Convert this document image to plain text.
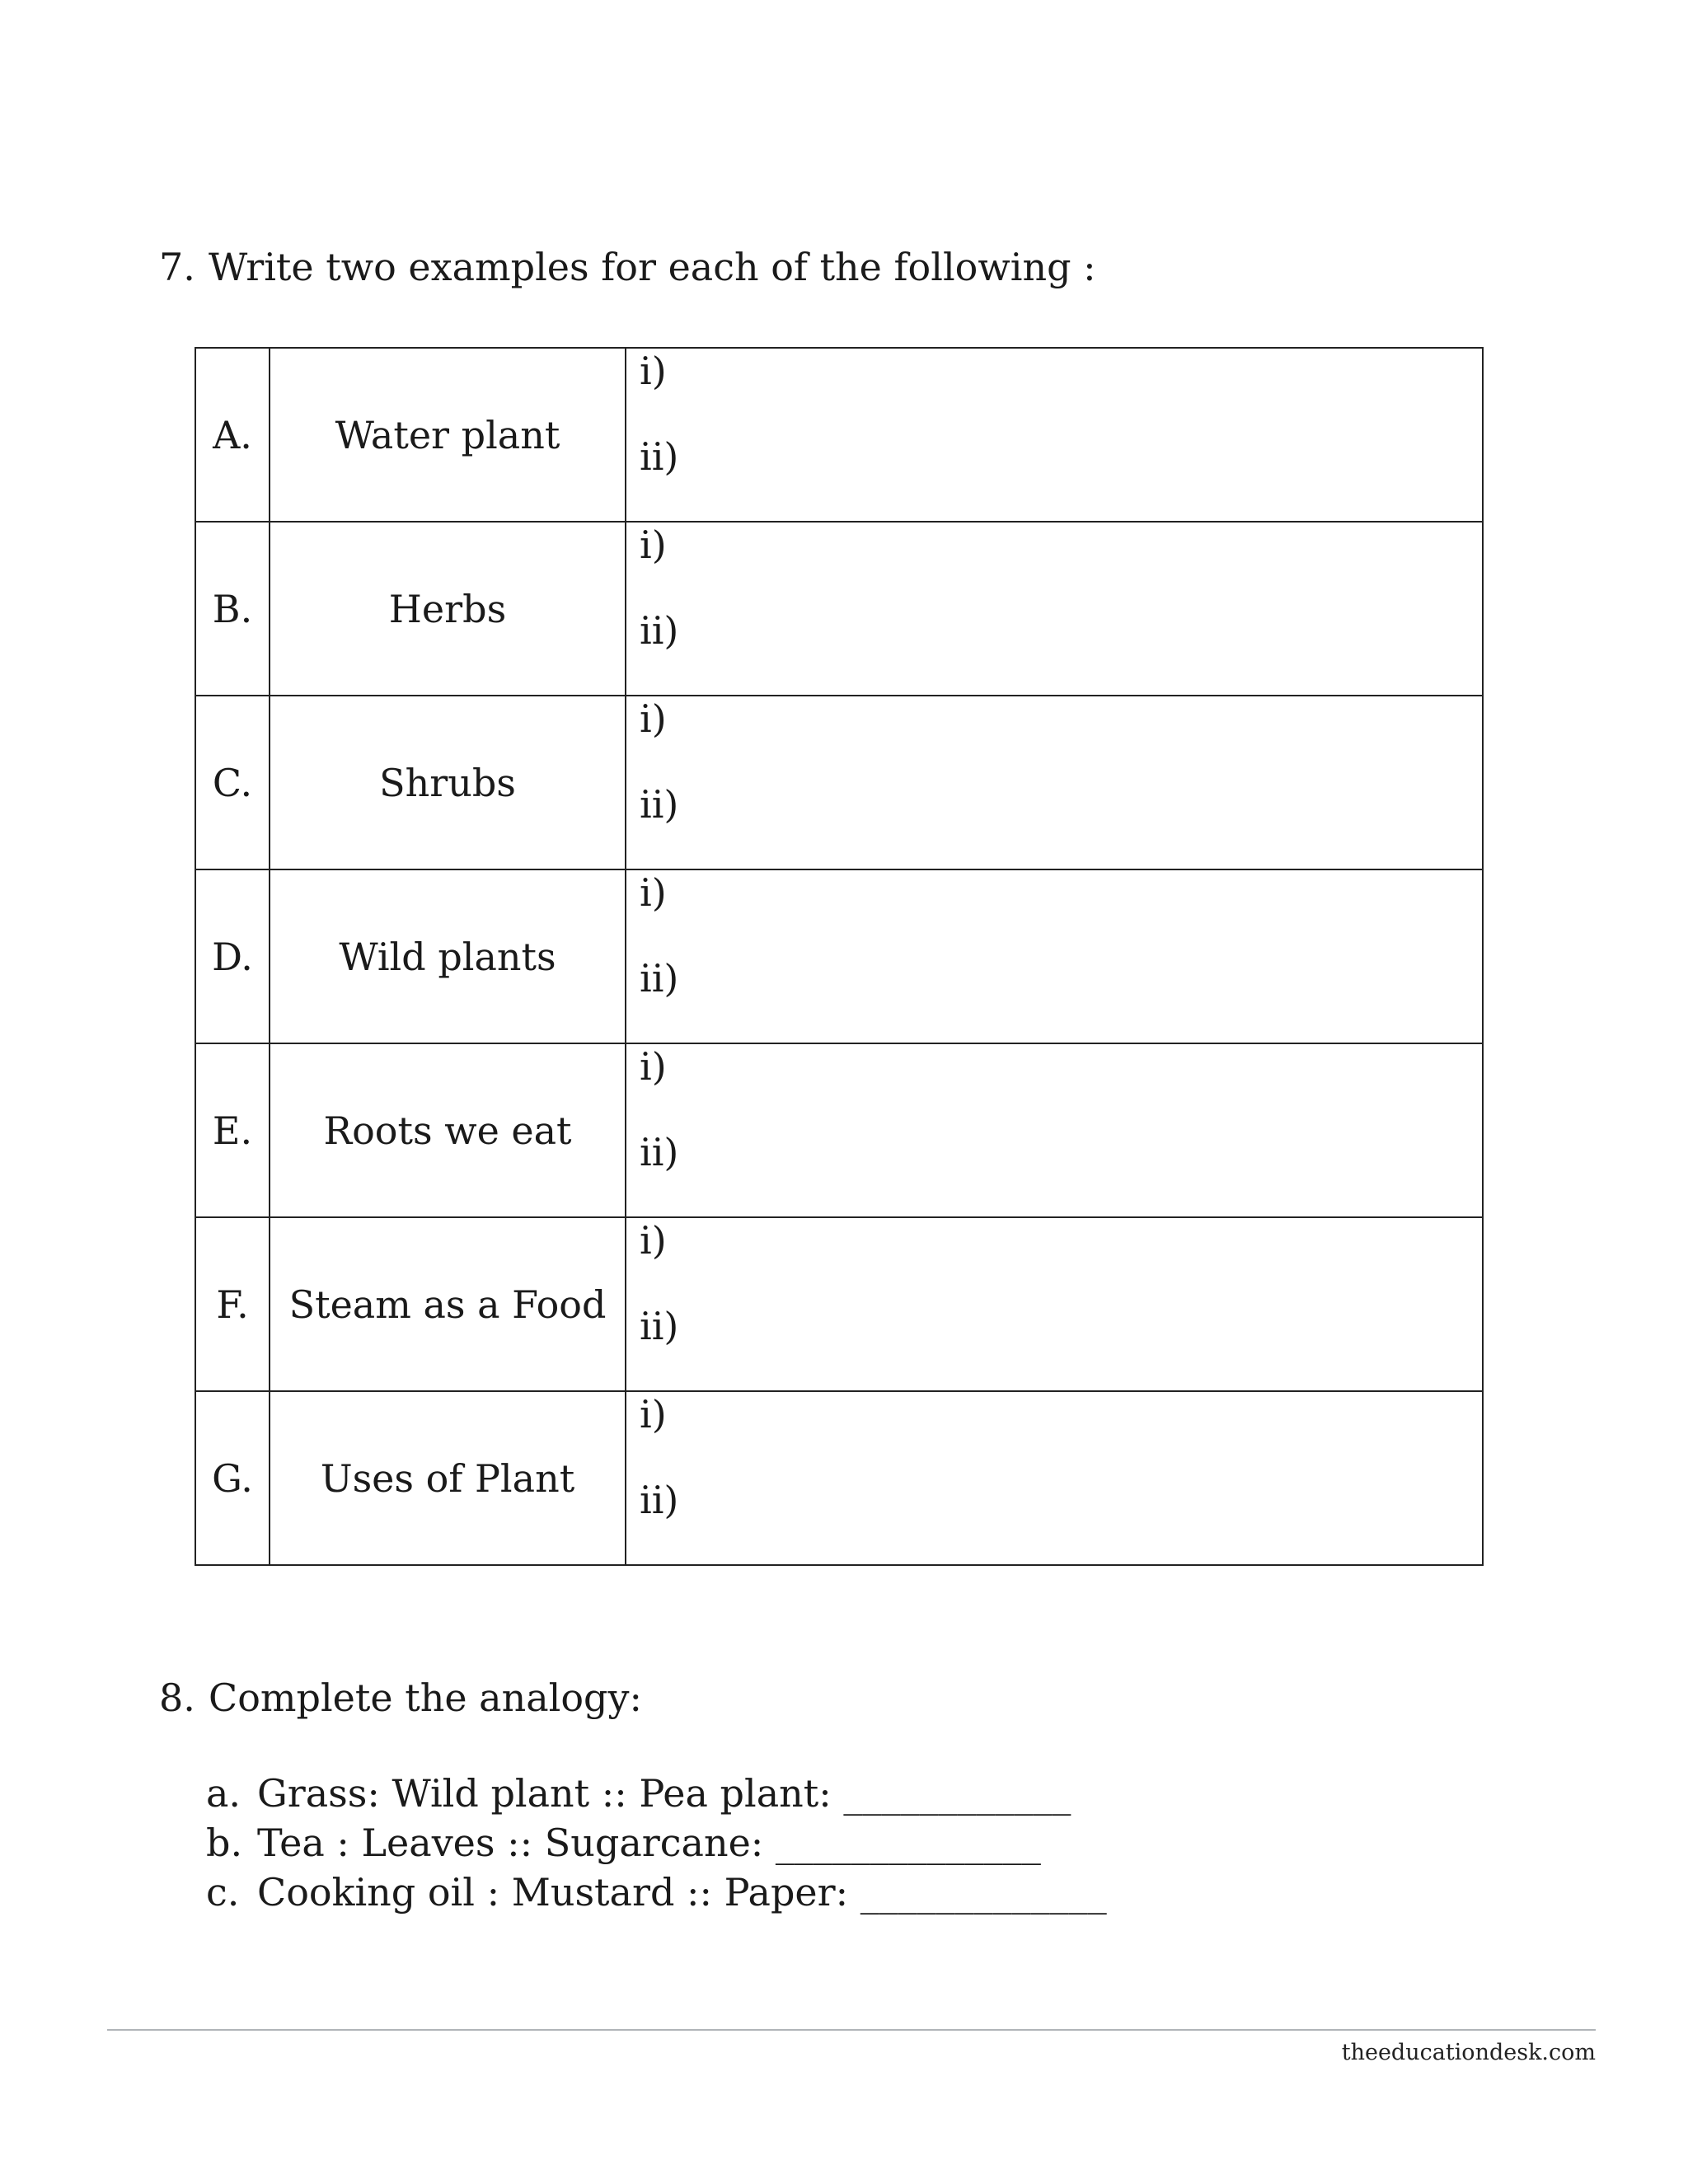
7. Write two examples for each of the following :
A.	Water plant	i)
ii)

B.	Herbs	i)
ii)

C.	Shrubs	i)
ii)

D.	Wild plants	i)
ii)

E.	Roots we eat	i)
ii)

F.	Steam as a Food	i)
ii)

G.	Uses of Plant	i)
ii)
8. Complete the analogy:
a. Grass: Wild plant :: Pea plant: ____________
b. Tea : Leaves :: Sugarcane: ______________
c. Cooking oil : Mustard :: Paper: _____________
theeducationdesk.com
